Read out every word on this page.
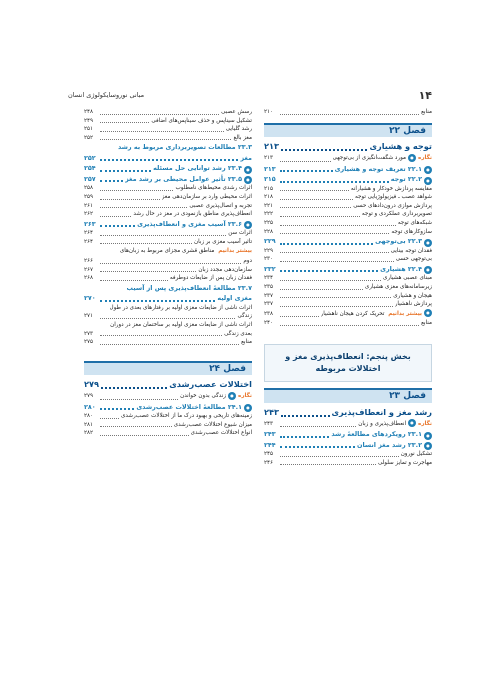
۱۴
مبانی نوروسایکولوژی انسان
منابع
۲۱۰
فصل ۲۲
توجه و هشیاری
۲۱۳
نگاره●مورد شگفت‌انگیزی از بی‌توجهی
۲۱۳
●
۲۲.۱ تعریف توجه و هشیاری
۲۱۳
●
۲۲.۲ توجه
۲۱۵
مقایسه پردازش خودکار و هشیارانه
۲۱۵
شواهد عصب ـ فیزیولوژیایی توجه
۲۱۸
پردازش موازی درون‌دادهای حسی
۲۲۱
تصویربرداری عملکردی و توجه
۲۲۲
شبکه‌های توجه
۲۲۵
سازوکارهای توجه
۲۲۸
●
۲۲.۳ بی‌توجهی
۲۲۹
فقدان توجه بینایی
۲۲۹
بی‌توجهی حسی
۲۳۰
●
۲۲.۴ هشیاری
۲۳۲
مبنای عصبی هشیاری
۲۳۴
زیرسامانه‌های مغزی هشیاری
۲۳۵
هیجان و هشیاری
۲۳۷
پردازش ناهشیار
۲۳۷
●بیشتر بدانیم تحریک کردن هیجان ناهشیار
۲۳۸
منابع
۲۴۰
بخش پنجم: انعطاف‌پذیری مغز و اختلالات مربوطه
فصل ۲۳
رشد مغز و انعطاف‌پذیری
۲۴۳
نگاره●انعطاف‌پذیری و زبان
۲۴۳
●
۲۳.۱ رویکردهای مطالعهٔ رشد
۲۴۳
●
۲۳.۲ رشد مغز انسان
۲۴۴
تشکیل نورون
۲۴۵
مهاجرت و تمایز سلولی
۲۴۶
رسش عصبی
۲۴۸
تشکیل سیناپس و حذف سیناپس‌های اضافی
۲۴۹
رشد گلیایی
۲۵۱
مغز بالغ
۲۵۲
۲۳.۳ مطالعات تصویربرداری مربوط به رشد
مغز
۲۵۲
●
۲۳.۴ رشد توانایی حل مسئله
۲۵۴
●
۲۳.۵ تأثیر عوامل محیطی بر رشد مغز
۲۵۷
اثرات رشدی محیط‌های نامطلوب
۲۵۸
اثرات محیطی وارد بر سازمان‌دهی مغز
۲۵۹
تجربه و اتصال‌پذیری عصبی
۲۶۱
انعطاف‌پذیری مناطق بازنمودی در مغز در حال رشد
۲۶۲
●
۲۳.۶ آسیب مغزی و انعطاف‌پذیری
۲۶۳
اثرات سن
۲۶۴
تأثیر آسیب مغزی بر زبان
۲۶۴
بیشتر بدانیم مناطق قشری مجزای مربوط به زبان‌های
دوم
۲۶۶
سازمان‌دهی مجدد زبان
۲۶۷
فقدان زبان پس از ضایعات دوطرفه
۲۶۸
۲۳.۷ مطالعهٔ انعطاف‌پذیری پس از آسیب
مغزی اولیه
۲۷۰
اثرات ناشی از ضایعات مغزی اولیه بر رفتارهای بعدی در طول
زندگی
۲۷۱
اثرات ناشی از ضایعات مغزی اولیه بر ساختمان مغز در دوران
بعدی زندگی
۲۷۳
منابع
۲۷۵
فصل ۲۴
اختلالات عصب‌رشدی
۲۷۹
نگاره●زندگی بدون خواندن
۲۷۹
●
۲۴.۱ مطالعهٔ اختلالات عصب‌رشدی
۲۸۰
زمینه‌های تاریخی و بهبود درک ما از اختلالات عصب‌رشدی
۲۸۰
میزان شیوع اختلالات عصب‌رشدی
۲۸۱
انواع اختلالات عصب‌رشدی
۲۸۲
